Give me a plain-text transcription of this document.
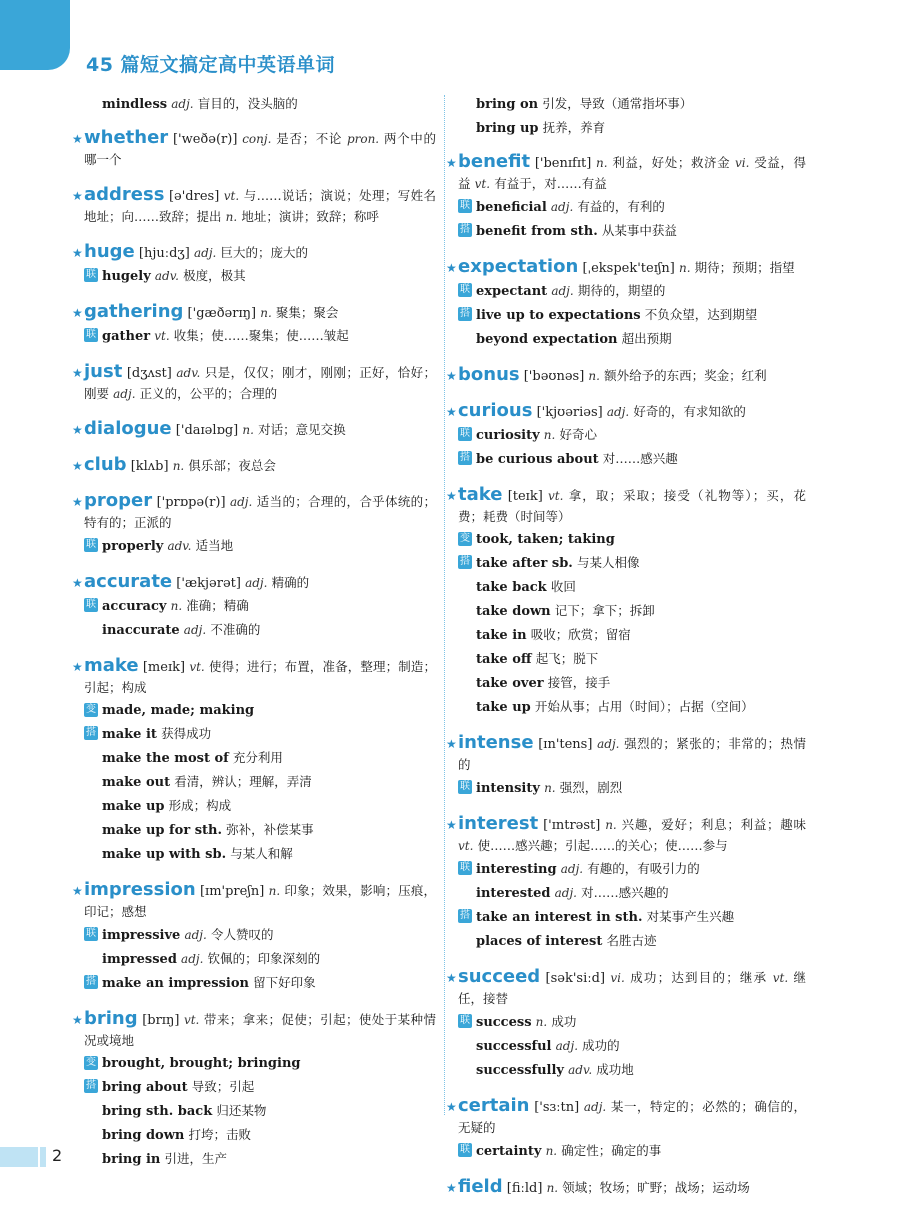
45 篇短文搞定高中英语单词
mindless adj. 盲目的，没头脑的
★whether ['weðə(r)] conj. 是否；不论 pron. 两个中的哪一个
★address [ə'dres] vt. 与……说话；演说；处理；写姓名地址；向……致辞；提出 n. 地址；演讲；致辞；称呼
★huge [hjuːdʒ] adj. 巨大的；庞大的
联 hugely adv. 极度，极其
★gathering ['gæðərɪŋ] n. 聚集；聚会
联 gather vt. 收集；使……聚集；使……皱起
★just [dʒʌst] adv. 只是，仅仅；刚才，刚刚；正好，恰好；刚要 adj. 正义的，公平的；合理的
★dialogue ['daɪəlɒg] n. 对话；意见交换
★club [klʌb] n. 俱乐部；夜总会
★proper ['prɒpə(r)] adj. 适当的；合理的，合乎体统的；特有的；正派的
联 properly adv. 适当地
★accurate ['ækjərət] adj. 精确的
联 accuracy n. 准确；精确
inaccurate adj. 不准确的
★make [meɪk] vt. 使得；进行；布置，准备，整理；制造；引起；构成
变 made, made; making
搭 make it 获得成功
make the most of 充分利用
make out 看清，辨认；理解，弄清
make up 形成；构成
make up for sth. 弥补，补偿某事
make up with sb. 与某人和解
★impression [ɪm'preʃn] n. 印象；效果，影响；压痕，印记；感想
联 impressive adj. 令人赞叹的
impressed adj. 钦佩的；印象深刻的
搭 make an impression 留下好印象
★bring [brɪŋ] vt. 带来；拿来；促使；引起；使处于某种情况或境地
变 brought, brought; bringing
搭 bring about 导致；引起
bring sth. back 归还某物
bring down 打垮；击败
bring in 引进，生产
bring on 引发，导致（通常指坏事）
bring up 抚养，养育
★benefit ['benɪfɪt] n. 利益，好处；救济金 vi. 受益，得益 vt. 有益于，对……有益
联 beneficial adj. 有益的，有利的
搭 benefit from sth. 从某事中获益
★expectation [ˌekspek'teɪʃn] n. 期待；预期；指望
联 expectant adj. 期待的，期望的
搭 live up to expectations 不负众望，达到期望
beyond expectation 超出预期
★bonus ['bəʊnəs] n. 额外给予的东西；奖金；红利
★curious ['kjʊəriəs] adj. 好奇的，有求知欲的
联 curiosity n. 好奇心
搭 be curious about 对……感兴趣
★take [teɪk] vt. 拿，取；采取；接受（礼物等）；买，花费；耗费（时间等）
变 took, taken; taking
搭 take after sb. 与某人相像
take back 收回
take down 记下；拿下；拆卸
take in 吸收；欣赏；留宿
take off 起飞；脱下
take over 接管，接手
take up 开始从事；占用（时间）；占据（空间）
★intense [ɪn'tens] adj. 强烈的；紧张的；非常的；热情的
联 intensity n. 强烈，剧烈
★interest ['ɪntrəst] n. 兴趣，爱好；利息；利益；趣味 vt. 使……感兴趣；引起……的关心；使……参与
联 interesting adj. 有趣的，有吸引力的
interested adj. 对……感兴趣的
搭 take an interest in sth. 对某事产生兴趣
places of interest 名胜古迹
★succeed [sək'siːd] vi. 成功；达到目的；继承 vt. 继任，接替
联 success n. 成功
successful adj. 成功的
successfully adv. 成功地
★certain ['sɜːtn] adj. 某一，特定的；必然的；确信的，无疑的
联 certainty n. 确定性；确定的事
★field [fiːld] n. 领域；牧场；旷野；战场；运动场
2
